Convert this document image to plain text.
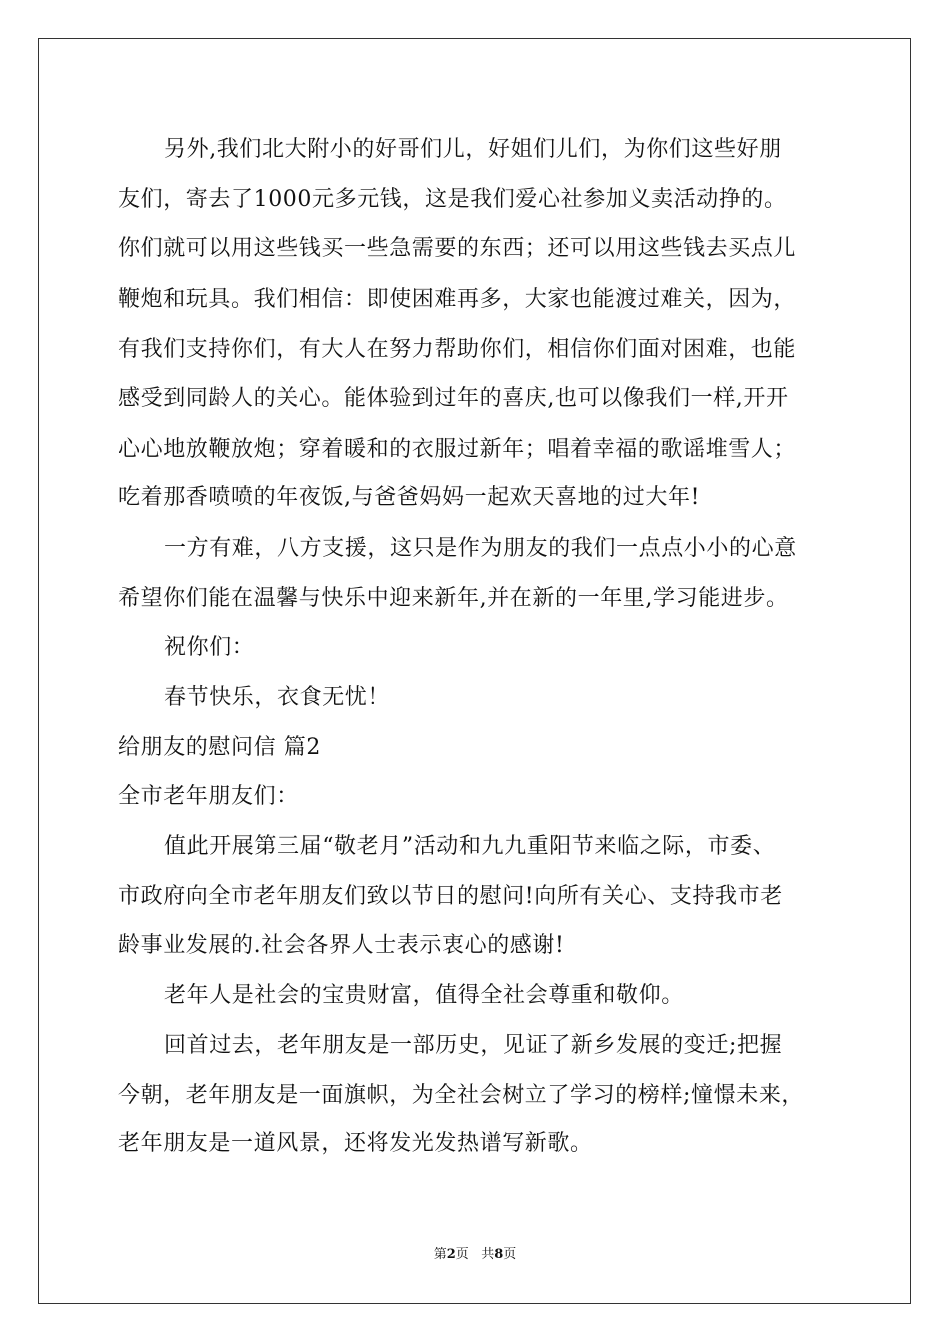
另外,我们北大附小的好哥们儿，好姐们儿们，为你们这些好朋
友们，寄去了1000元多元钱，这是我们爱心社参加义卖活动挣的。
你们就可以用这些钱买一些急需要的东西；还可以用这些钱去买点儿
鞭炮和玩具。我们相信：即使困难再多，大家也能渡过难关，因为，
有我们支持你们，有大人在努力帮助你们，相信你们面对困难，也能
感受到同龄人的关心。能体验到过年的喜庆,也可以像我们一样,开开
心心地放鞭放炮；穿着暖和的衣服过新年；唱着幸福的歌谣堆雪人；
吃着那香喷喷的年夜饭,与爸爸妈妈一起欢天喜地的过大年!
一方有难，八方支援，这只是作为朋友的我们一点点小小的心意
希望你们能在温馨与快乐中迎来新年,并在新的一年里,学习能进步。
祝你们：
春节快乐，衣食无忧！
给朋友的慰问信 篇2
全市老年朋友们：
值此开展第三届“敬老月”活动和九九重阳节来临之际，市委、
市政府向全市老年朋友们致以节日的慰问!向所有关心、支持我市老
龄事业发展的.社会各界人士表示衷心的感谢!
老年人是社会的宝贵财富，值得全社会尊重和敬仰。
回首过去，老年朋友是一部历史，见证了新乡发展的变迁;把握
今朝，老年朋友是一面旗帜，为全社会树立了学习的榜样;憧憬未来，
老年朋友是一道风景，还将发光发热谱写新歌。
第2页 共8页
